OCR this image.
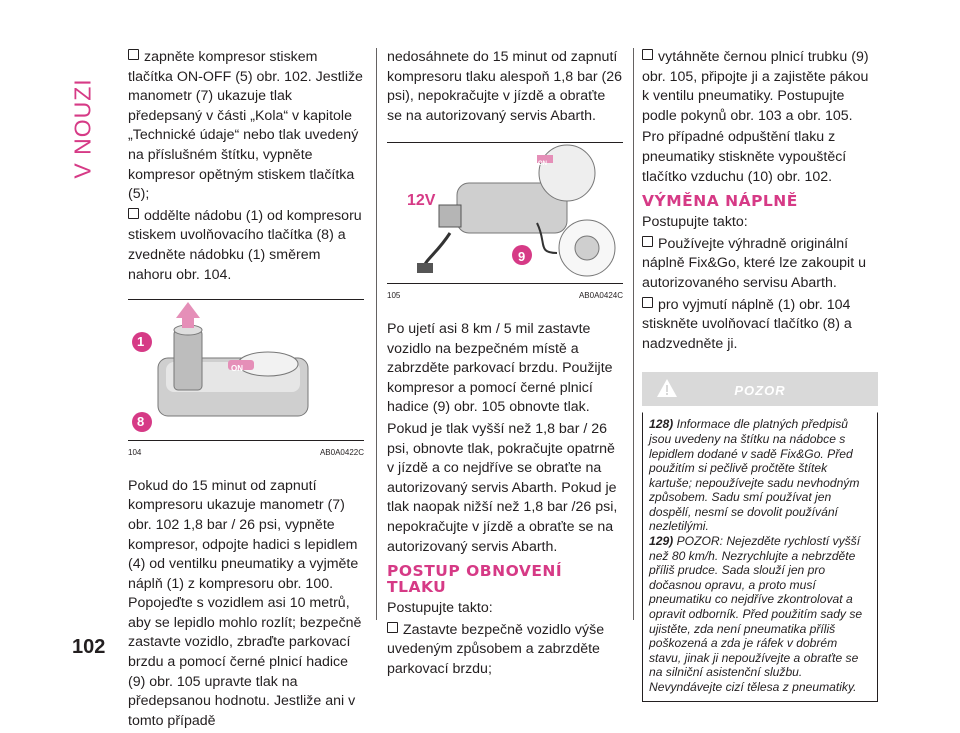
V NOUZI
102

zapněte kompresor stiskem tlačítka ON-OFF (5) obr. 102. Jestliže manometr (7) ukazuje tlak předepsaný v části „Kola“ v kapitole „Technické údaje“ nebo tlak uvedený na příslušném štítku, vypněte kompresor opětným stiskem tlačítka (5);

oddělte nádobu (1) od kompresoru stiskem uvolňovacího tlačítka (8) a zvedněte nádobku (1) směrem nahoru obr. 104.

1
8
ON
104	AB0A0422C

Pokud do 15 minut od zapnutí kompresoru ukazuje manometr (7) obr. 102 1,8 bar / 26 psi, vypněte kompresor, odpojte hadici s lepidlem (4) od ventilku pneumatiky a vyjměte náplň (1) z kompresoru obr. 100. Popojeďte s vozidlem asi 10 metrů, aby se lepidlo mohlo rozlít; bezpečně zastavte vozidlo, zbraďte parkovací brzdu a pomocí černé plnicí hadice (9) obr. 105 upravte tlak na předepsanou hodnotu. Jestliže ani v tomto případě

nedosáhnete do 15 minut od zapnutí kompresoru tlaku alespoň 1,8 bar (26 psi), nepokračujte v jízdě a obraťte se na autorizovaný servis Abarth.

12V
9
ON
105	AB0A0424C

Po ujetí asi 8 km / 5 mil zastavte vozidlo na bezpečném místě a zabrzděte parkovací brzdu. Použijte kompresor a pomocí černé plnicí hadice (9) obr. 105 obnovte tlak.

Pokud je tlak vyšší než 1,8 bar / 26 psi, obnovte tlak, pokračujte opatrně v jízdě a co nejdříve se obraťte na autorizovaný servis Abarth. Pokud je tlak naopak nižší než 1,8 bar /26 psi, nepokračujte v jízdě a obraťte se na autorizovaný servis Abarth.

POSTUP OBNOVENÍ TLAKU

Postupujte takto:

Zastavte bezpečně vozidlo výše uvedeným způsobem a zabrzděte parkovací brzdu;

vytáhněte černou plnicí trubku (9) obr. 105, připojte ji a zajistěte pákou k ventilu pneumatiky. Postupujte podle pokynů obr. 103 a obr. 105.

Pro případné odpuštění tlaku z pneumatiky stiskněte vypouštěcí tlačítko vzduchu (10) obr. 102.

VÝMĚNA NÁPLNĚ

Postupujte takto:

Používejte výhradně originální náplně Fix&Go, které lze zakoupit u autorizovaného servisu Abarth.

pro vyjmutí náplně (1) obr. 104 stiskněte uvolňovací tlačítko (8) a nadzvedněte ji.

POZOR

128) Informace dle platných předpisů jsou uvedeny na štítku na nádobce s lepidlem dodané v sadě Fix&Go. Před použitím si pečlivě pročtěte štítek kartuše; nepoužívejte sadu nevhodným způsobem. Sadu smí používat jen dospělí, nesmí se dovolit používání nezletilými.

129) POZOR: Nejezděte rychlostí vyšší než 80 km/h. Nezrychlujte a nebrzděte příliš prudce. Sada slouží jen pro dočasnou opravu, a proto musí pneumatiku co nejdříve zkontrolovat a opravit odborník. Před použitím sady se ujistěte, zda není pneumatika příliš poškozená a zda je ráfek v dobrém stavu, jinak ji nepoužívejte a obraťte se na silniční asistenční službu. Nevyndávejte cizí tělesa z pneumatiky.
